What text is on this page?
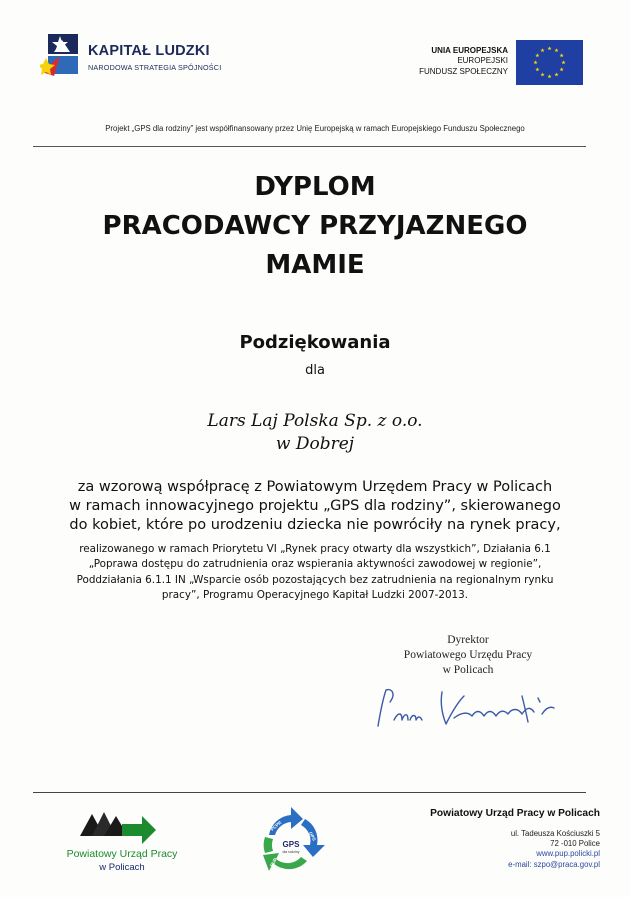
KAPITAŁ LUDZKI
NARODOWA STRATEGIA SPÓJNOŚCI
UNIA EUROPEJSKA
EUROPEJSKI
FUNDUSZ SPOŁECZNY
Projekt „GPS dla rodziny” jest współfinansowany przez Unię Europejską w ramach Europejskiego Funduszu Społecznego
DYPLOM
PRACODAWCY PRZYJAZNEGO
MAMIE
Podziękowania
dla
Lars Laj Polska Sp. z o.o.
w Dobrej
za wzorową współpracę z Powiatowym Urzędem Pracy w Policach
w ramach innowacyjnego projektu „GPS dla rodziny”, skierowanego
do kobiet, które po urodzeniu dziecka nie powróciły na rynek pracy,
realizowanego w ramach Priorytetu VI „Rynek pracy otwarty dla wszystkich”, Działania 6.1
„Poprawa dostępu do zatrudnienia oraz wspierania aktywności zawodowej w regionie”,
Poddziałania 6.1.1 IN „Wsparcie osób pozostających bez zatrudnienia na regionalnym rynku
pracy”, Programu Operacyjnego Kapitał Ludzki 2007-2013.
Dyrektor
Powiatowego Urzędu Pracy
w Policach
Powiatowy Urząd Pracy
w Policach
GPS
dla rodziny
PCPR
OPS
PUP
Powiatowy Urząd Pracy w Policach
ul. Tadeusza Kościuszki 5
72 -010 Police
www.pup.policki.pl
e-mail: szpo@praca.gov.pl
